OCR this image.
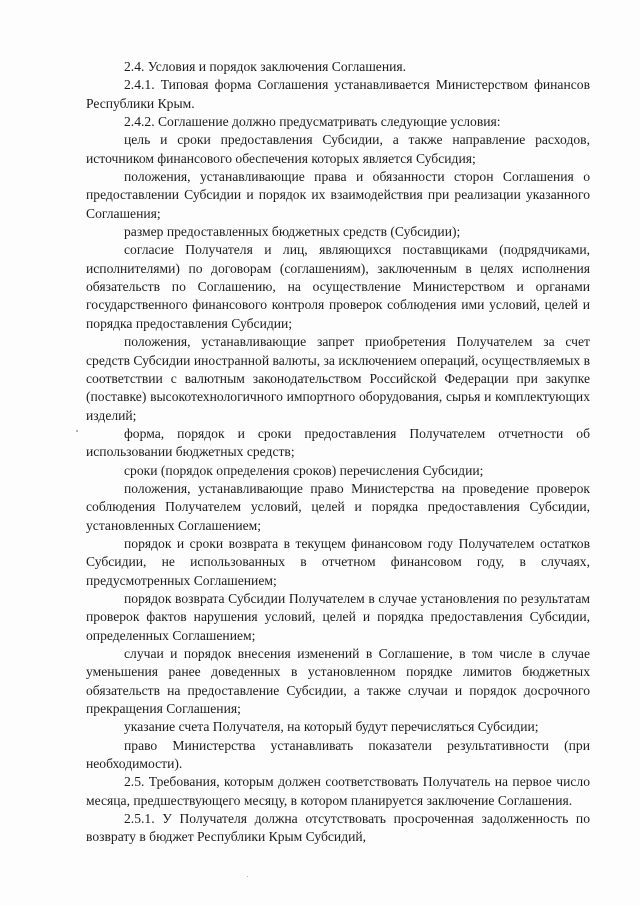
2.4. Условия и порядок заключения Соглашения.

2.4.1. Типовая форма Соглашения устанавливается Министерством финансов Республики Крым.

2.4.2. Соглашение должно предусматривать следующие условия:

цель и сроки предоставления Субсидии, а также направление расходов, источником финансового обеспечения которых является Субсидия;

положения, устанавливающие права и обязанности сторон Соглашения о предоставлении Субсидии и порядок их взаимодействия при реализации указанного Соглашения;

размер предоставленных бюджетных средств (Субсидии);

согласие Получателя и лиц, являющихся поставщиками (подрядчиками, исполнителями) по договорам (соглашениям), заключенным в целях исполнения обязательств по Соглашению, на осуществление Министерством и органами государственного финансового контроля проверок соблюдения ими условий, целей и порядка предоставления Субсидии;

положения, устанавливающие запрет приобретения Получателем за счет средств Субсидии иностранной валюты, за исключением операций, осуществляемых в соответствии с валютным законодательством Российской Федерации при закупке (поставке) высокотехнологичного импортного оборудования, сырья и комплектующих изделий;

форма, порядок и сроки предоставления Получателем отчетности об использовании бюджетных средств;

сроки (порядок определения сроков) перечисления Субсидии;

положения, устанавливающие право Министерства на проведение проверок соблюдения Получателем условий, целей и порядка предоставления Субсидии, установленных Соглашением;

порядок и сроки возврата в текущем финансовом году Получателем остатков Субсидии, не использованных в отчетном финансовом году, в случаях, предусмотренных Соглашением;

порядок возврата Субсидии Получателем в случае установления по результатам проверок фактов нарушения условий, целей и порядка предоставления Субсидии, определенных Соглашением;

случаи и порядок внесения изменений в Соглашение, в том числе в случае уменьшения ранее доведенных в установленном порядке лимитов бюджетных обязательств на предоставление Субсидии, а также случаи и порядок досрочного прекращения Соглашения;

указание счета Получателя, на который будут перечисляться Субсидии;

право Министерства устанавливать показатели результативности (при необходимости).

2.5. Требования, которым должен соответствовать Получатель на первое число месяца, предшествующего месяцу, в котором планируется заключение Соглашения.

2.5.1. У Получателя должна отсутствовать просроченная задолженность по возврату в бюджет Республики Крым Субсидий,
